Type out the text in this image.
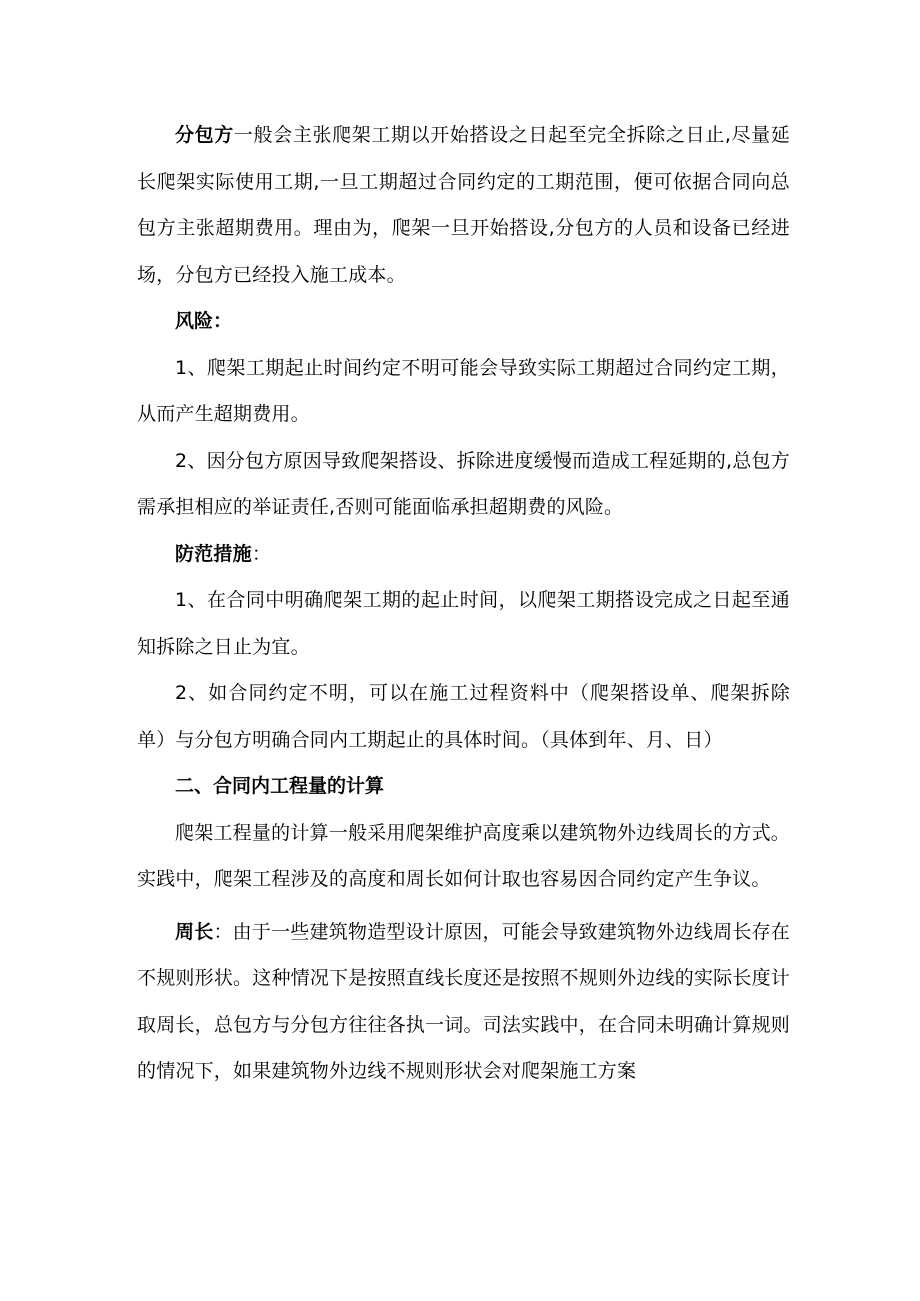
分包方一般会主张爬架工期以开始搭设之日起至完全拆除之日止,尽量延长爬架实际使用工期,一旦工期超过合同约定的工期范围，便可依据合同向总包方主张超期费用。理由为，爬架一旦开始搭设,分包方的人员和设备已经进场，分包方已经投入施工成本。

风险：

1、爬架工期起止时间约定不明可能会导致实际工期超过合同约定工期，从而产生超期费用。

2、因分包方原因导致爬架搭设、拆除进度缓慢而造成工程延期的,总包方需承担相应的举证责任,否则可能面临承担超期费的风险。

防范措施：

1、在合同中明确爬架工期的起止时间，以爬架工期搭设完成之日起至通知拆除之日止为宜。

2、如合同约定不明，可以在施工过程资料中（爬架搭设单、爬架拆除单）与分包方明确合同内工期起止的具体时间。（具体到年、月、日）

二、合同内工程量的计算

爬架工程量的计算一般采用爬架维护高度乘以建筑物外边线周长的方式。实践中，爬架工程涉及的高度和周长如何计取也容易因合同约定产生争议。

周长：由于一些建筑物造型设计原因，可能会导致建筑物外边线周长存在不规则形状。这种情况下是按照直线长度还是按照不规则外边线的实际长度计取周长，总包方与分包方往往各执一词。司法实践中，在合同未明确计算规则的情况下，如果建筑物外边线不规则形状会对爬架施工方案
